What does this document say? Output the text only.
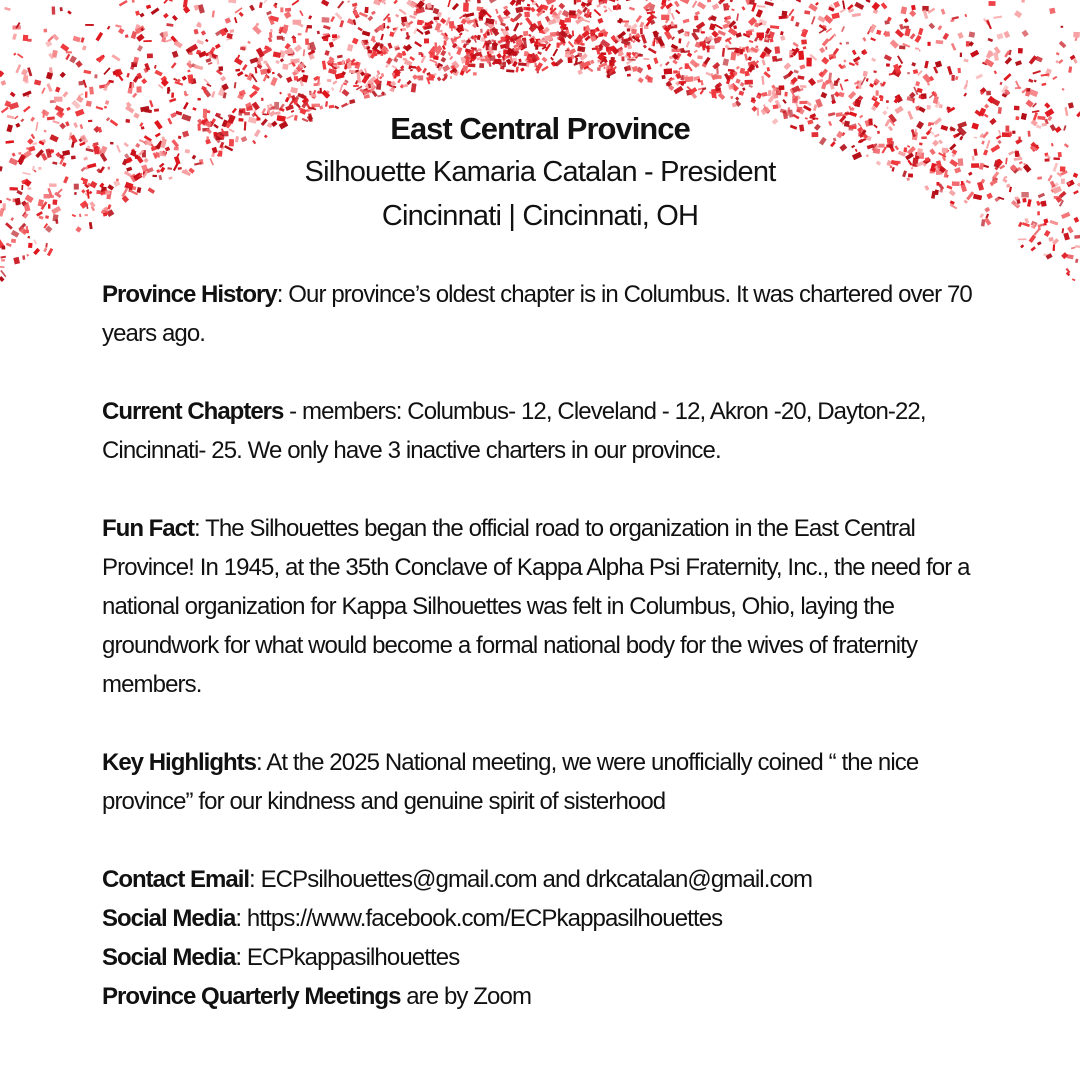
East Central Province
Silhouette Kamaria Catalan - President
Cincinnati | Cincinnati, OH

Province History: Our province’s oldest chapter is in Columbus. It was chartered over 70 years ago.

Current Chapters - members: Columbus- 12, Cleveland - 12, Akron -20, Dayton-22, Cincinnati- 25. We only have 3 inactive charters in our province.

Fun Fact: The Silhouettes began the official road to organization in the East Central Province! In 1945, at the 35th Conclave of Kappa Alpha Psi Fraternity, Inc., the need for a national organization for Kappa Silhouettes was felt in Columbus, Ohio, laying the groundwork for what would become a formal national body for the wives of fraternity members.

Key Highlights: At the 2025 National meeting, we were unofficially coined “ the nice province” for our kindness and genuine spirit of sisterhood

Contact Email: ECPsilhouettes@gmail.com and drkcatalan@gmail.com

Social Media: https://www.facebook.com/ECPkappasilhouettes

Social Media: ECPkappasilhouettes

Province Quarterly Meetings are by Zoom
